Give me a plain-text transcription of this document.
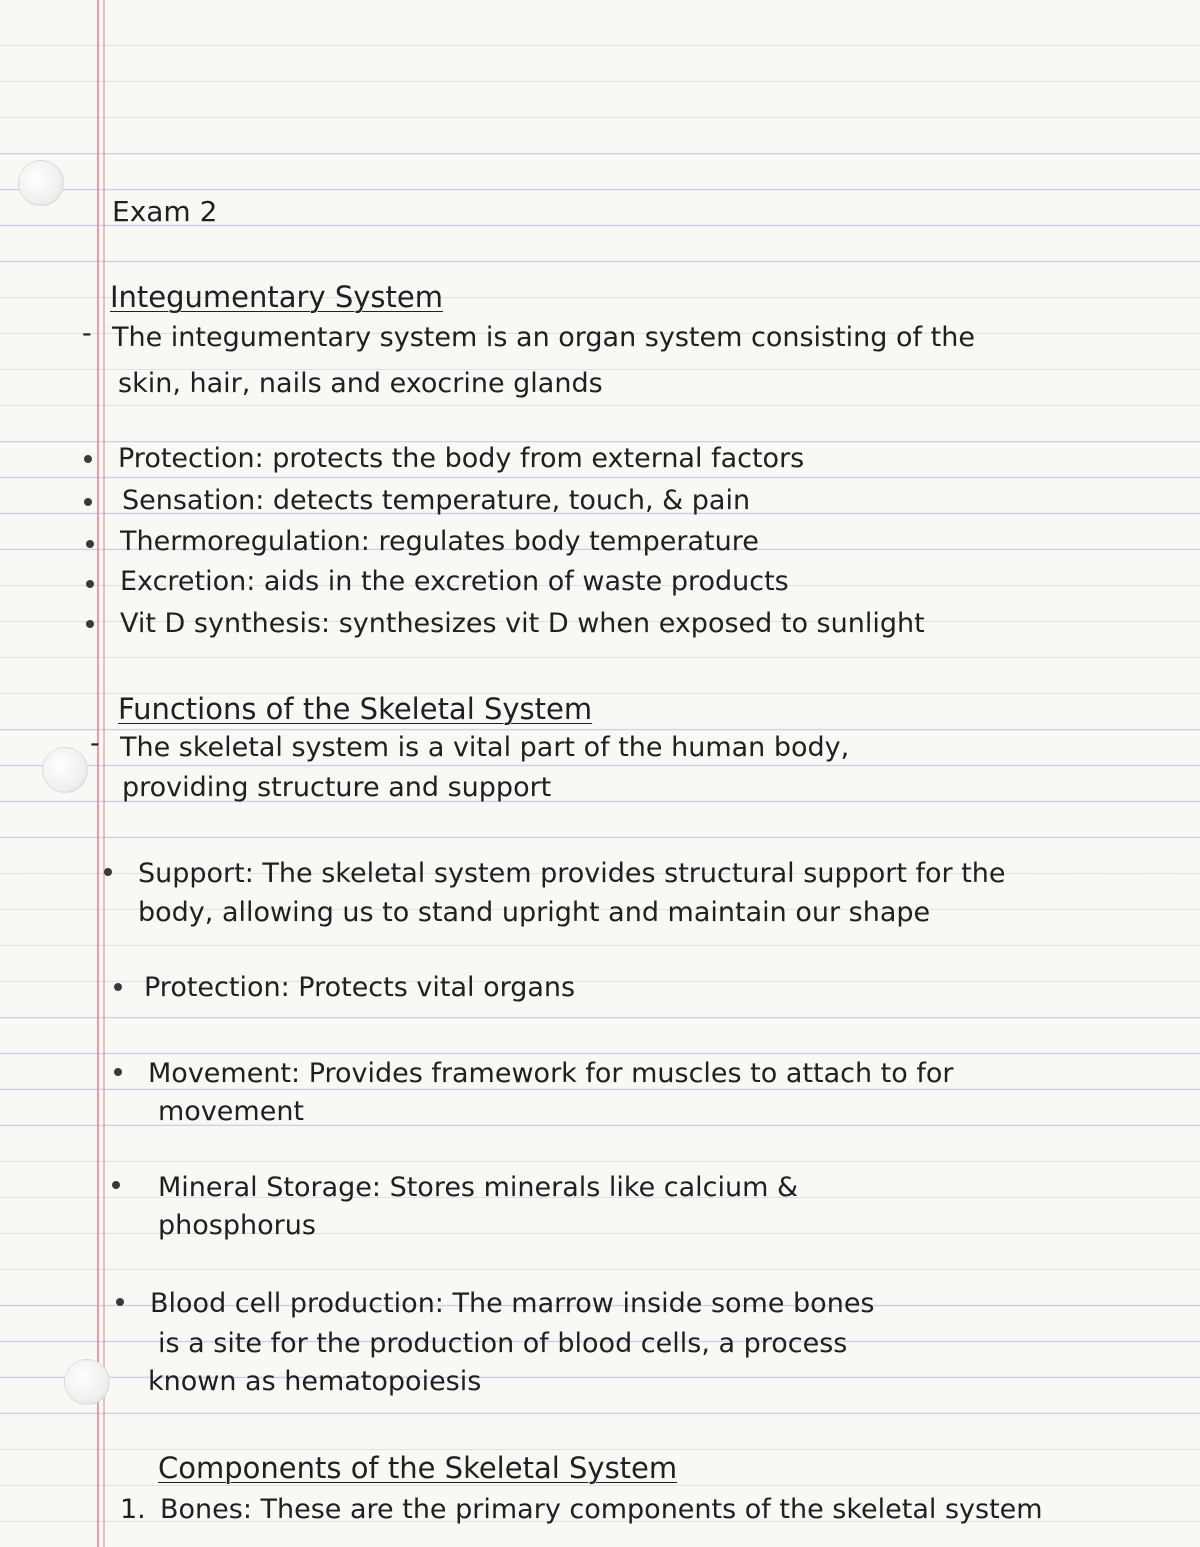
Exam 2
Integumentary System
- The integumentary system is an organ system consisting of the
skin, hair, nails and exocrine glands
Protection: protects the body from external factors
Sensation: detects temperature, touch, & pain
Thermoregulation: regulates body temperature
Excretion: aids in the excretion of waste products
Vit D synthesis: synthesizes vit D when exposed to sunlight
Functions of the Skeletal System
- The skeletal system is a vital part of the human body,
providing structure and support
Support: The skeletal system provides structural support for the
body, allowing us to stand upright and maintain our shape
Protection: Protects vital organs
Movement: Provides framework for muscles to attach to for
movement
Mineral Storage: Stores minerals like calcium &
phosphorus
Blood cell production: The marrow inside some bones
is a site for the production of blood cells, a process
known as hematopoiesis
Components of the Skeletal System
1. Bones: These are the primary components of the skeletal system
